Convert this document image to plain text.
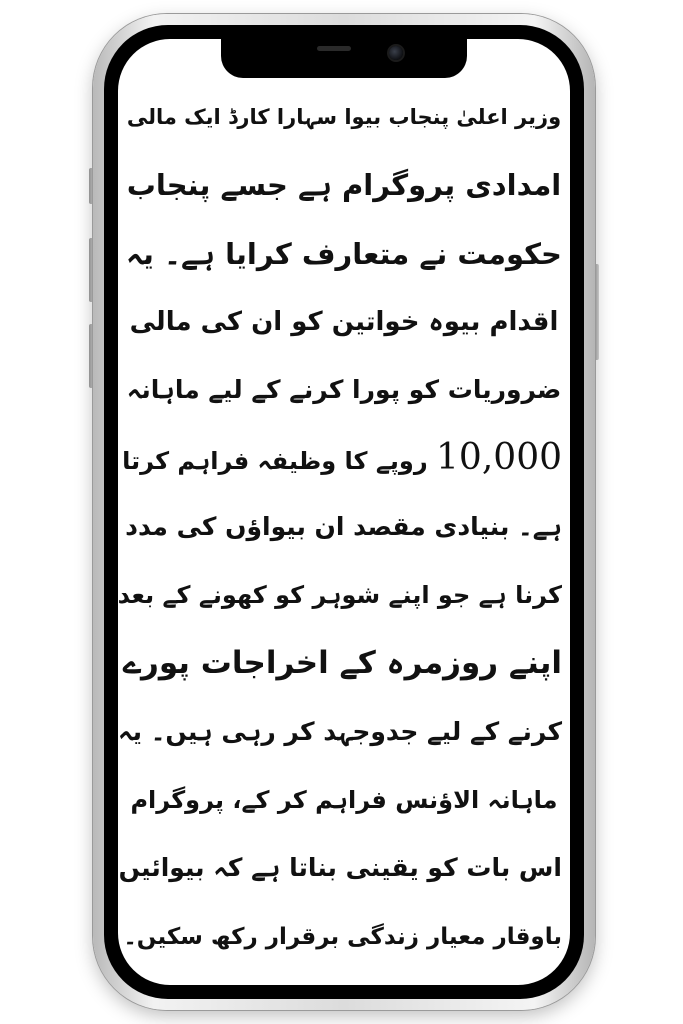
وزیر اعلیٰ پنجاب بیوا سہارا کارڈ ایک مالی
امدادی پروگرام ہے جسے پنجاب
حکومت نے متعارف کرایا ہے۔ یہ
اقدام بیوہ خواتین کو ان کی مالی
ضروریات کو پورا کرنے کے لیے ماہانہ
10,000 روپے کا وظیفہ فراہم کرتا
ہے۔ بنیادی مقصد ان بیواؤں کی مدد
کرنا ہے جو اپنے شوہر کو کھونے کے بعد
اپنے روزمرہ کے اخراجات پورے
کرنے کے لیے جدوجہد کر رہی ہیں۔ یہ
ماہانہ الاؤنس فراہم کر کے، پروگرام
اس بات کو یقینی بناتا ہے کہ بیوائیں
باوقار معیار زندگی برقرار رکھ سکیں۔
